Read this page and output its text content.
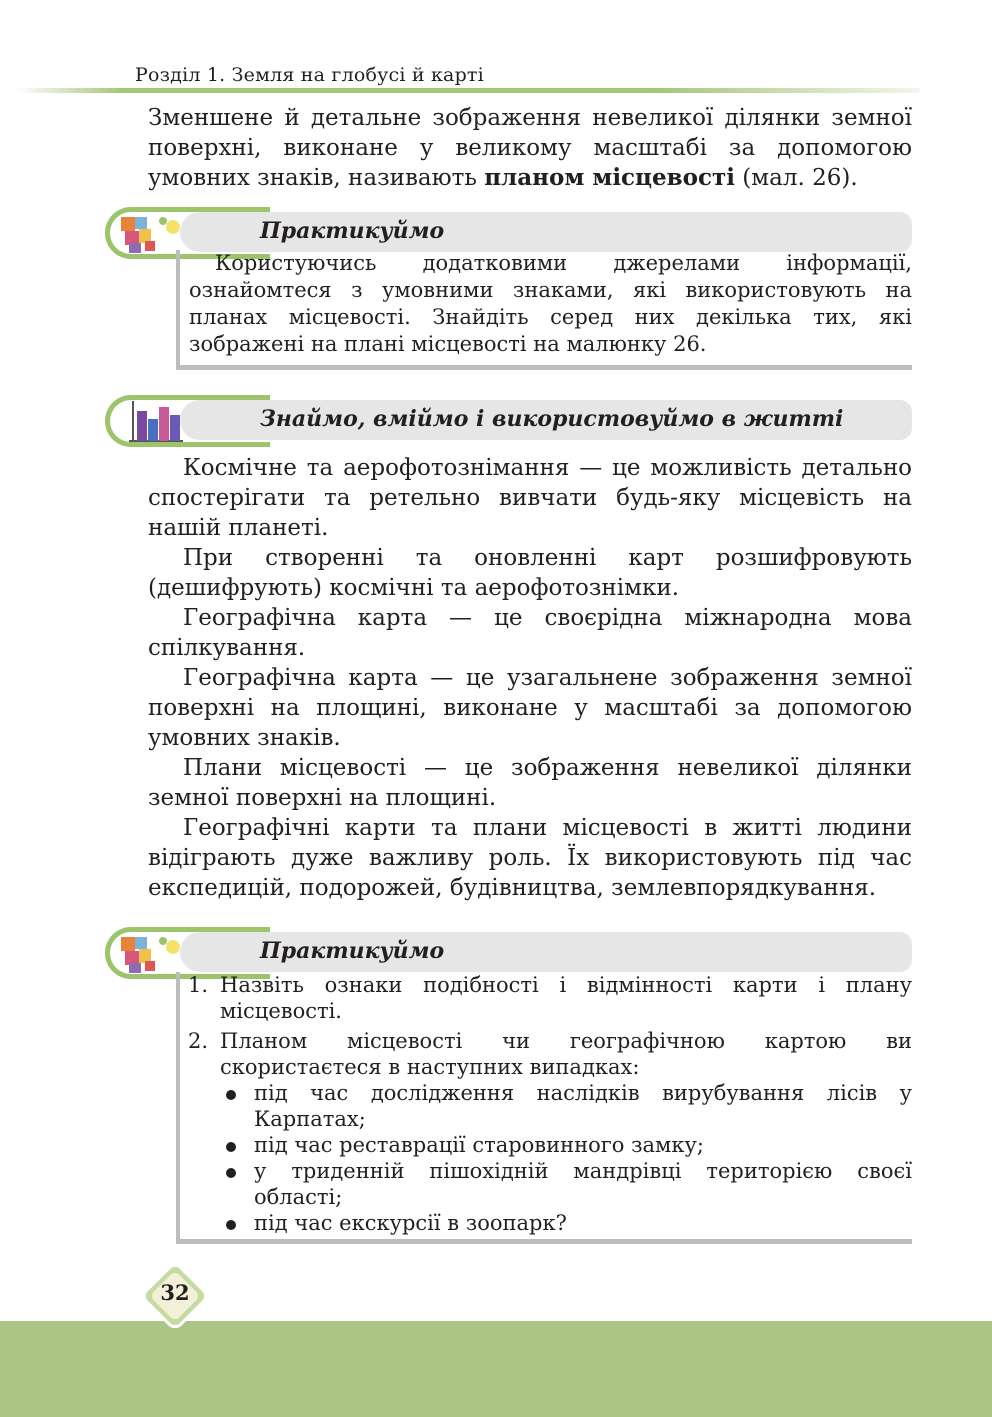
Розділ 1. Земля на глобусі й карті

Зменшене й детальне зображення невеликої ділянки земної поверхні, виконане у великому масштабі за допомогою умовних знаків, називають планом місцевості (мал. 26).

Практикуймо

Користуючись додатковими джерелами інформації, ознайомтеся з умовними знаками, які використовують на планах місцевості. Знайдіть серед них декілька тих, які зображені на плані місцевості на малюнку 26.

Знаймо, вміймо і використовуймо в житті

Космічне та аерофотознімання — це можливість детально спостерігати та ретельно вивчати будь-яку місцевість на нашій планеті.

При створенні та оновленні карт розшифровують (дешифрують) космічні та аерофотознімки.

Географічна карта — це своєрідна міжнародна мова спілкування.

Географічна карта — це узагальнене зображення земної поверхні на площині, виконане у масштабі за допомогою умовних знаків.

Плани місцевості — це зображення невеликої ділянки земної поверхні на площині.

Географічні карти та плани місцевості в житті людини відіграють дуже важливу роль. Їх використовують під час експедицій, подорожей, будівництва, землевпорядкування.

Практикуймо
1. Назвіть ознаки подібності і відмінності карти і плану місцевості.
2. Планом місцевості чи географічною картою ви скористаєтеся в наступних випадках:
під час дослідження наслідків вирубування лісів у Карпатах;
під час реставрації старовинного замку;
у триденній пішохідній мандрівці територією своєї області;
під час екскурсії в зоопарк?
32
